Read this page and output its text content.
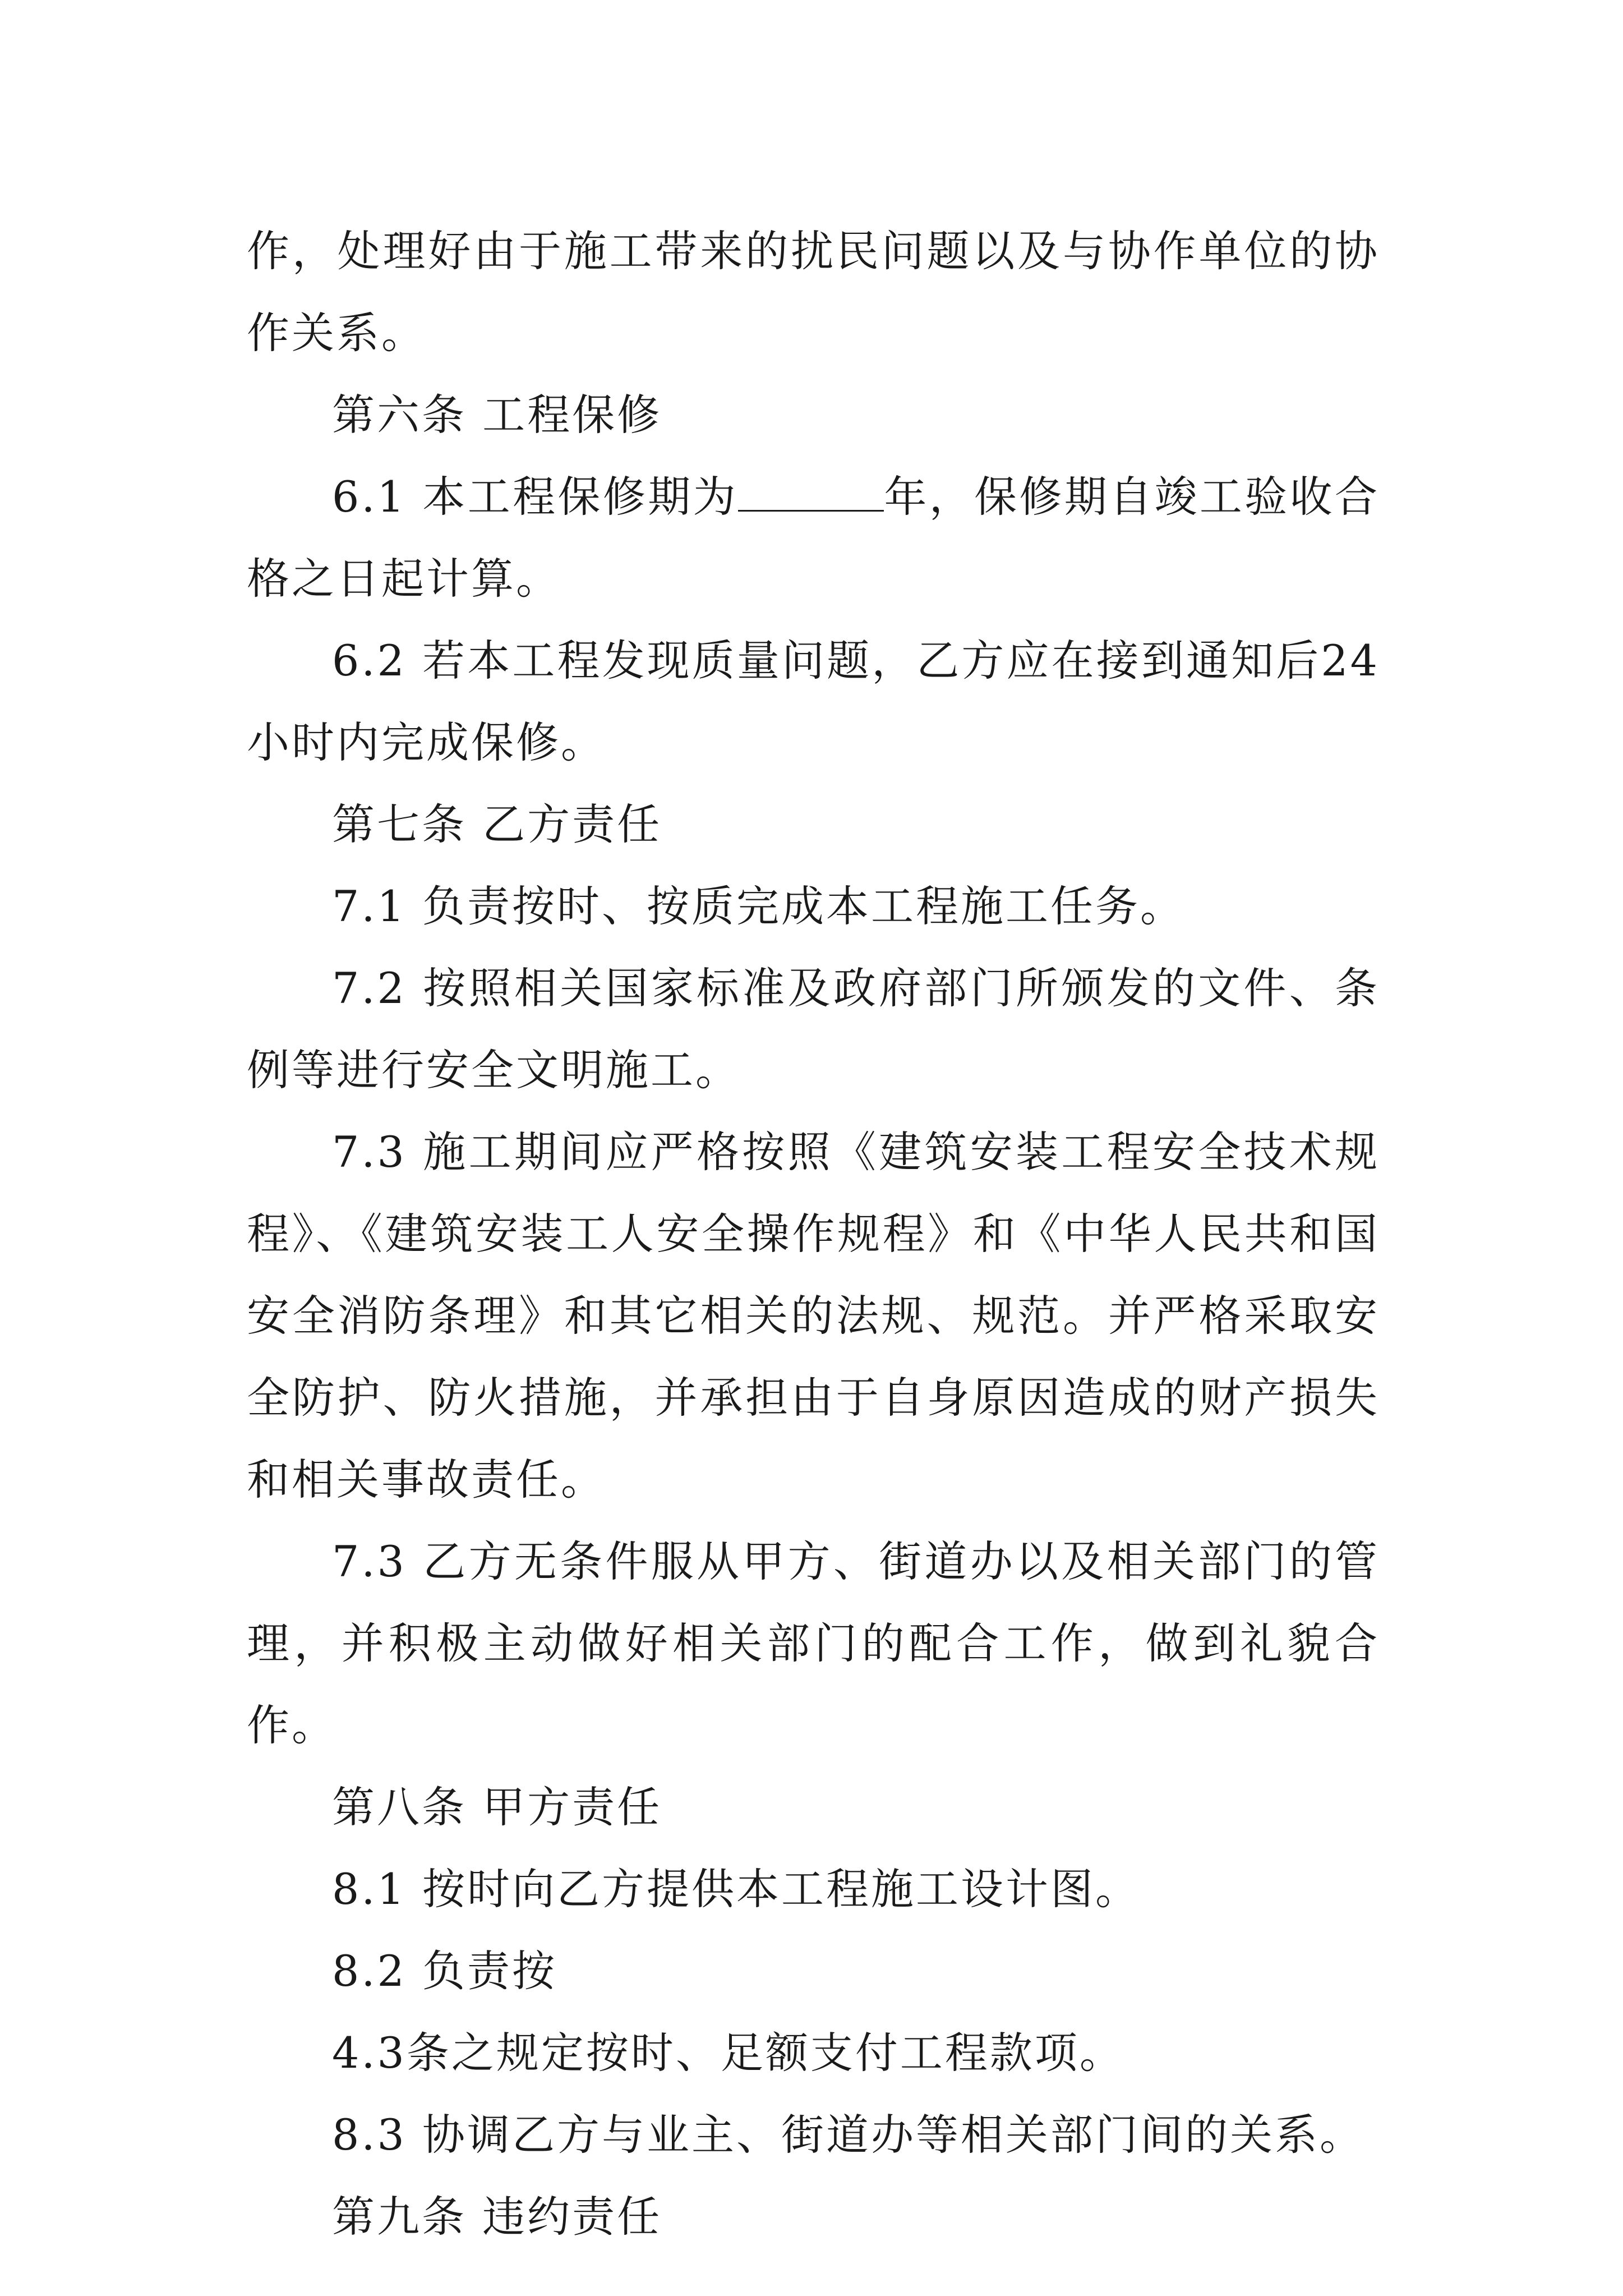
作，处理好由于施工带来的扰民问题以及与协作单位的协作关系。

第六条 工程保修

6.1 本工程保修期为	年，保修期自竣工验收合格之日起计算。

6.2 若本工程发现质量问题，乙方应在接到通知后24小时内完成保修。

第七条 乙方责任

7.1 负责按时、按质完成本工程施工任务。

7.2 按照相关国家标准及政府部门所颁发的文件、条例等进行安全文明施工。

7.3 施工期间应严格按照《建筑安装工程安全技术规程》、《建筑安装工人安全操作规程》和《中华人民共和国安全消防条理》和其它相关的法规、规范。并严格采取安全防护、防火措施，并承担由于自身原因造成的财产损失和相关事故责任。

7.3 乙方无条件服从甲方、街道办以及相关部门的管理，并积极主动做好相关部门的配合工作，做到礼貌合作。

第八条 甲方责任

8.1 按时向乙方提供本工程施工设计图。

8.2 负责按

4.3条之规定按时、足额支付工程款项。

8.3 协调乙方与业主、街道办等相关部门间的关系。

第九条 违约责任
